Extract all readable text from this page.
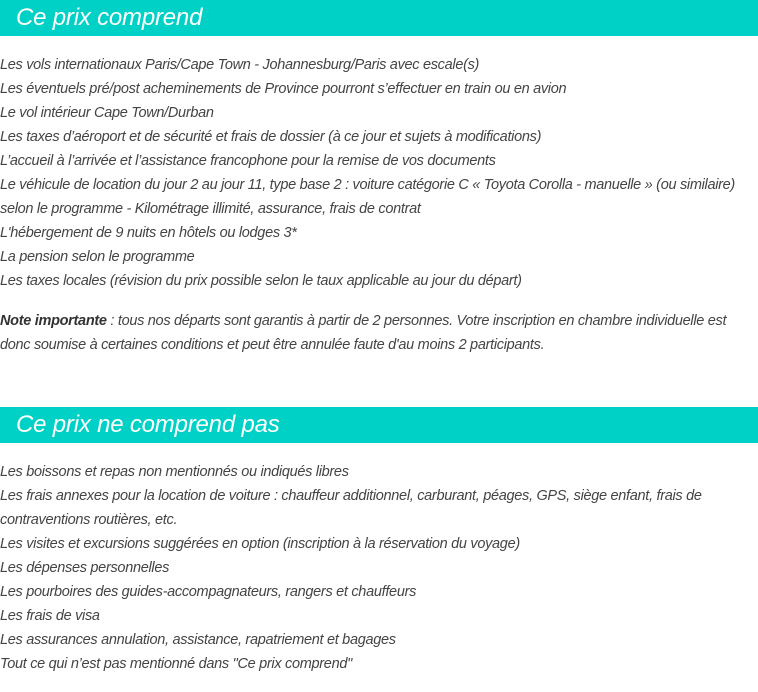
Ce prix comprend
Les vols internationaux Paris/Cape Town - Johannesburg/Paris avec escale(s)
Les éventuels pré/post acheminements de Province pourront s’effectuer en train ou en avion
Le vol intérieur Cape Town/Durban
Les taxes d’aéroport et de sécurité et frais de dossier (à ce jour et sujets à modifications)
L’accueil à l’arrivée et l’assistance francophone pour la remise de vos documents
Le véhicule de location du jour 2 au jour 11, type base 2 : voiture catégorie C « Toyota Corolla - manuelle » (ou similaire) selon le programme - Kilométrage illimité, assurance, frais de contrat
L'hébergement de 9 nuits en hôtels ou lodges 3*
La pension selon le programme
Les taxes locales (révision du prix possible selon le taux applicable au jour du départ)

Note importante : tous nos départs sont garantis à partir de 2 personnes. Votre inscription en chambre individuelle est donc soumise à certaines conditions et peut être annulée faute d'au moins 2 participants.

Ce prix ne comprend pas
Les boissons et repas non mentionnés ou indiqués libres
Les frais annexes pour la location de voiture : chauffeur additionnel, carburant, péages, GPS, siège enfant, frais de contraventions routières, etc.
Les visites et excursions suggérées en option (inscription à la réservation du voyage)
Les dépenses personnelles
Les pourboires des guides-accompagnateurs, rangers et chauffeurs
Les frais de visa
Les assurances annulation, assistance, rapatriement et bagages
Tout ce qui n’est pas mentionné dans "Ce prix comprend"
